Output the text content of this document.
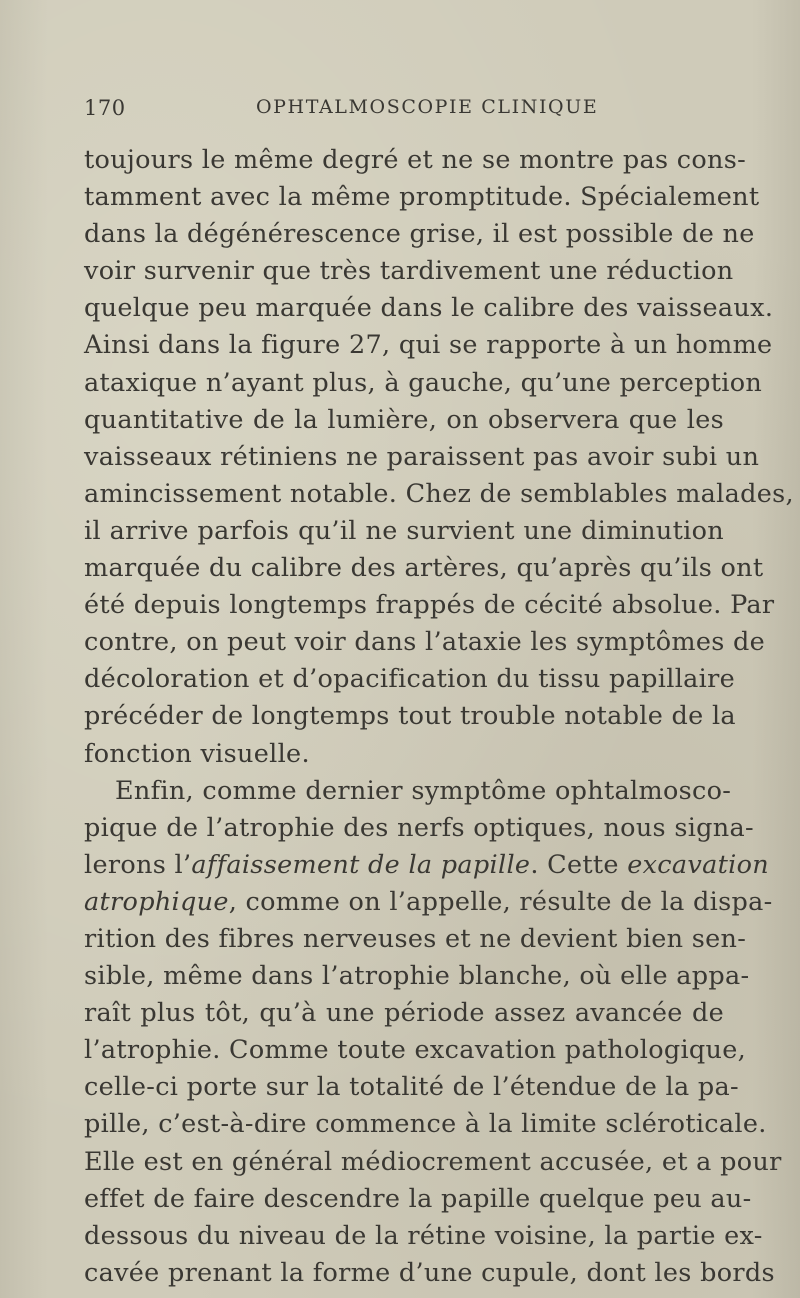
170	OPHTALMOSCOPIE CLINIQUE
toujours le même degré et ne se montre pas cons-
tamment avec la même promptitude. Spécialement
dans la dégénérescence grise, il est possible de ne
voir survenir que très tardivement une réduction
quelque peu marquée dans le calibre des vaisseaux.
Ainsi dans la figure 27, qui se rapporte à un homme
ataxique n’ayant plus, à gauche, qu’une perception
quantitative de la lumière, on observera que les
vaisseaux rétiniens ne paraissent pas avoir subi un
amincissement notable. Chez de semblables malades,
il arrive parfois qu’il ne survient une diminution
marquée du calibre des artères, qu’après qu’ils ont
été depuis longtemps frappés de cécité absolue. Par
contre, on peut voir dans l’ataxie les symptômes de
décoloration et d’opacification du tissu papillaire
précéder de longtemps tout trouble notable de la
fonction visuelle.
Enfin, comme dernier symptôme ophtalmosco-
pique de l’atrophie des nerfs optiques, nous signa-
lerons l’affaissement de la papille. Cette excavation
atrophique, comme on l’appelle, résulte de la dispa-
rition des fibres nerveuses et ne devient bien sen-
sible, même dans l’atrophie blanche, où elle appa-
raît plus tôt, qu’à une période assez avancée de
l’atrophie. Comme toute excavation pathologique,
celle-ci porte sur la totalité de l’étendue de la pa-
pille, c’est-à-dire commence à la limite scléroticale.
Elle est en général médiocrement accusée, et a pour
effet de faire descendre la papille quelque peu au-
dessous du niveau de la rétine voisine, la partie ex-
cavée prenant la forme d’une cupule, dont les bords
